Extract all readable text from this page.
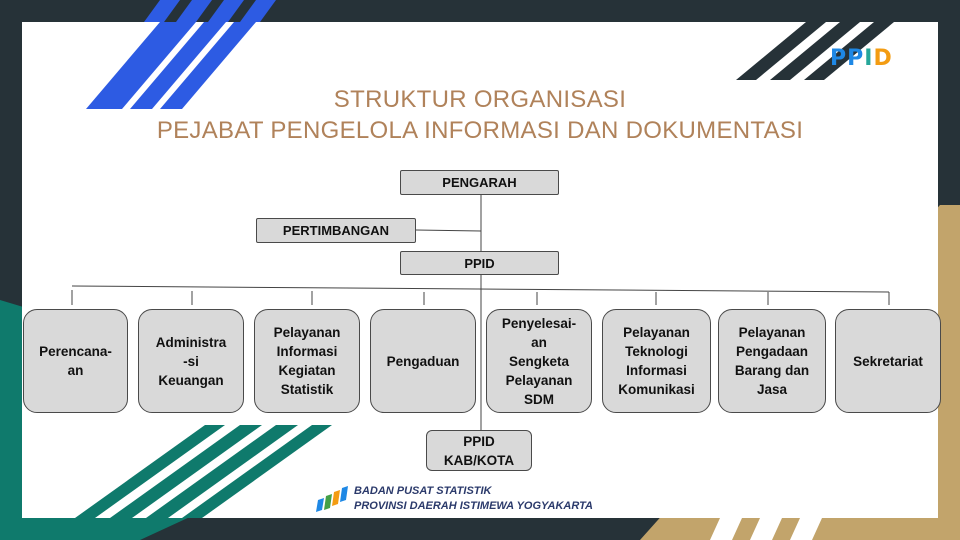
PP I D
STRUKTUR ORGANISASI
PEJABAT PENGELOLA INFORMASI DAN DOKUMENTASI
PENGARAH
PERTIMBANGAN
PPID
Perencana-
an
Administra
-si
Keuangan
Pelayanan
Informasi
Kegiatan
Statistik
Pengaduan
Penyelesai-
an
Sengketa
Pelayanan
SDM
Pelayanan
Teknologi
Informasi
Komunikasi
Pelayanan
Pengadaan
Barang dan
Jasa
Sekretariat
PPID
KAB/KOTA
BADAN PUSAT STATISTIK
PROVINSI DAERAH ISTIMEWA YOGYAKARTA
